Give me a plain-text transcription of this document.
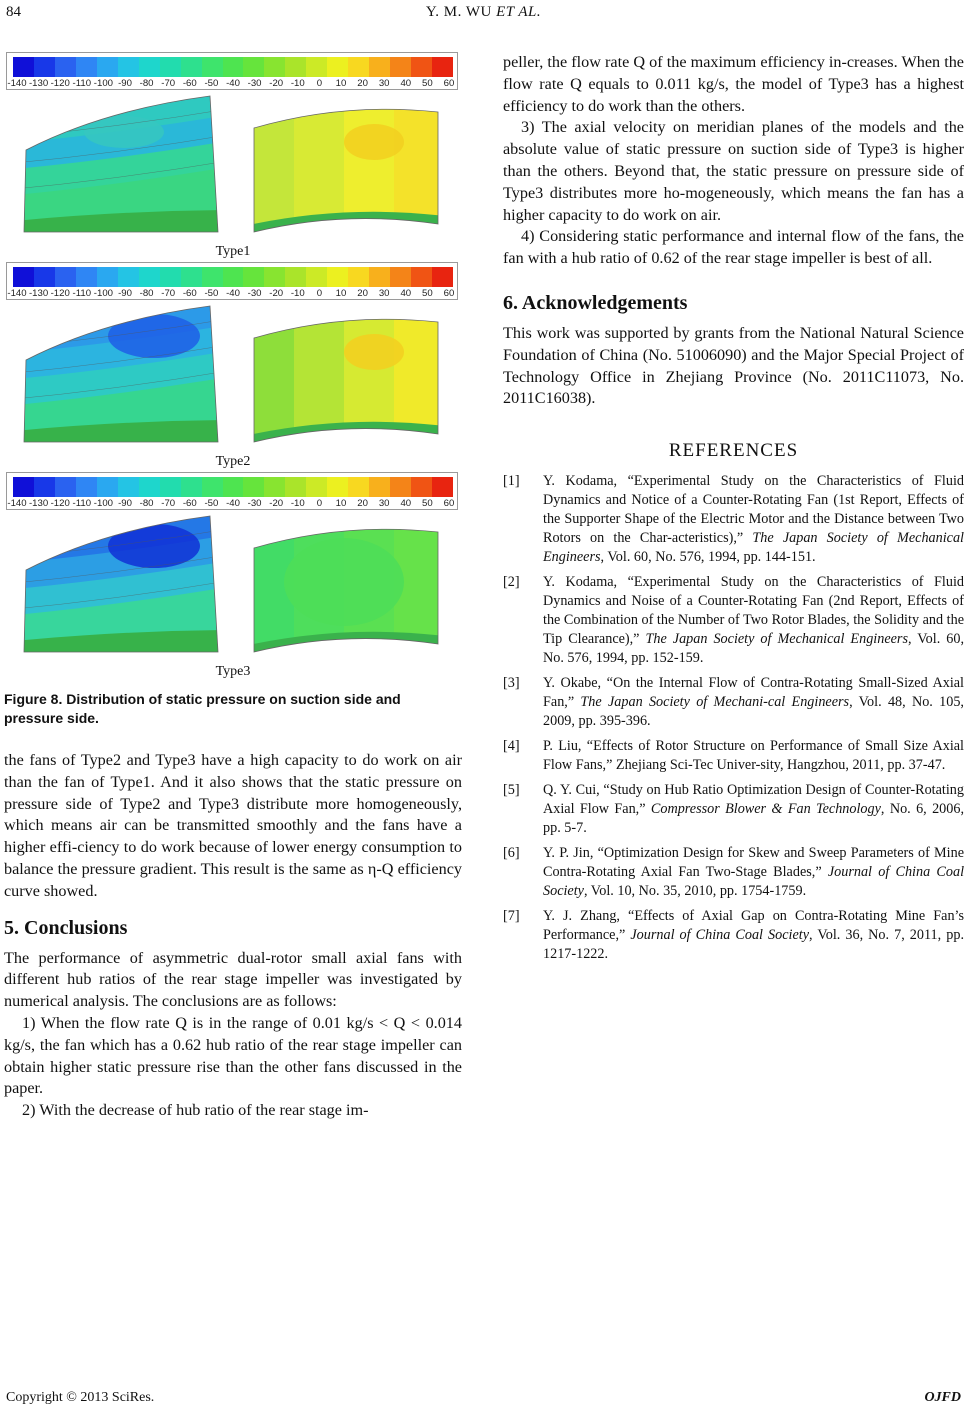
84	Y. M. WU ET AL.
-140 -130 -120 -110 -100 -90 -80 -70 -60 -50 -40 -30 -20 -10 0 10 20 30 40 50 60
Type1
-140 -130 -120 -110 -100 -90 -80 -70 -60 -50 -40 -30 -20 -10 0 10 20 30 40 50 60
Type2
-140 -130 -120 -110 -100 -90 -80 -70 -60 -50 -40 -30 -20 -10 0 10 20 30 40 50 60
Type3
Figure 8. Distribution of static pressure on suction side and pressure side.

the fans of Type2 and Type3 have a high capacity to do work on air than the fan of Type1. And it also shows that the static pressure on pressure side of Type2 and Type3 distribute more homogeneously, which means air can be transmitted smoothly and the fans have a higher effi-ciency to do work because of lower energy consumption to balance the pressure gradient. This result is the same as η-Q efficiency curve showed.

5. Conclusions

The performance of asymmetric dual-rotor small axial fans with different hub ratios of the rear stage impeller was investigated by numerical analysis. The conclusions are as follows:

1) When the flow rate Q is in the range of 0.01 kg/s < Q < 0.014 kg/s, the fan which has a 0.62 hub ratio of the rear stage impeller can obtain higher static pressure rise than the other fans discussed in the paper.

2) With the decrease of hub ratio of the rear stage im-

peller, the flow rate Q of the maximum efficiency in-creases. When the flow rate Q equals to 0.011 kg/s, the model of Type3 has a highest efficiency to do work than the others.

3) The axial velocity on meridian planes of the models and the absolute value of static pressure on suction side of Type3 is higher than the others. Beyond that, the static pressure on pressure side of Type3 distributes more ho-mogeneously, which means the fan has a higher capacity to do work on air.

4) Considering static performance and internal flow of the fans, the fan with a hub ratio of 0.62 of the rear stage impeller is best of all.

6. Acknowledgements

This work was supported by grants from the National Natural Science Foundation of China (No. 51006090) and the Major Special Project of Technology Office in Zhejiang Province (No. 2011C11073, No. 2011C16038).

REFERENCES
[1]	Y. Kodama, “Experimental Study on the Characteristics of Fluid Dynamics and Notice of a Counter-Rotating Fan (1st Report, Effects of the Supporter Shape of the Electric Motor and the Distance between Two Rotors on the Char-acteristics),” The Japan Society of Mechanical Engineers, Vol. 60, No. 576, 1994, pp. 144-151.
[2]	Y. Kodama, “Experimental Study on the Characteristics of Fluid Dynamics and Noise of a Counter-Rotating Fan (2nd Report, Effects of the Combination of the Number of Two Rotor Blades, the Solidity and the Tip Clearance),” The Japan Society of Mechanical Engineers, Vol. 60, No. 576, 1994, pp. 152-159.
[3]	Y. Okabe, “On the Internal Flow of Contra-Rotating Small-Sized Axial Fan,” The Japan Society of Mechani-cal Engineers, Vol. 48, No. 105, 2009, pp. 395-396.
[4]	P. Liu, “Effects of Rotor Structure on Performance of Small Size Axial Flow Fans,” Zhejiang Sci-Tec Univer-sity, Hangzhou, 2011, pp. 37-47.
[5]	Q. Y. Cui, “Study on Hub Ratio Optimization Design of Counter-Rotating Axial Flow Fan,” Compressor Blower & Fan Technology, No. 6, 2006, pp. 5-7.
[6]	Y. P. Jin, “Optimization Design for Skew and Sweep Parameters of Mine Contra-Rotating Axial Fan Two-Stage Blades,” Journal of China Coal Society, Vol. 10, No. 35, 2010, pp. 1754-1759.
[7]	Y. J. Zhang, “Effects of Axial Gap on Contra-Rotating Mine Fan’s Performance,” Journal of China Coal Society, Vol. 36, No. 7, 2011, pp. 1217-1222.
Copyright © 2013 SciRes.	OJFD
